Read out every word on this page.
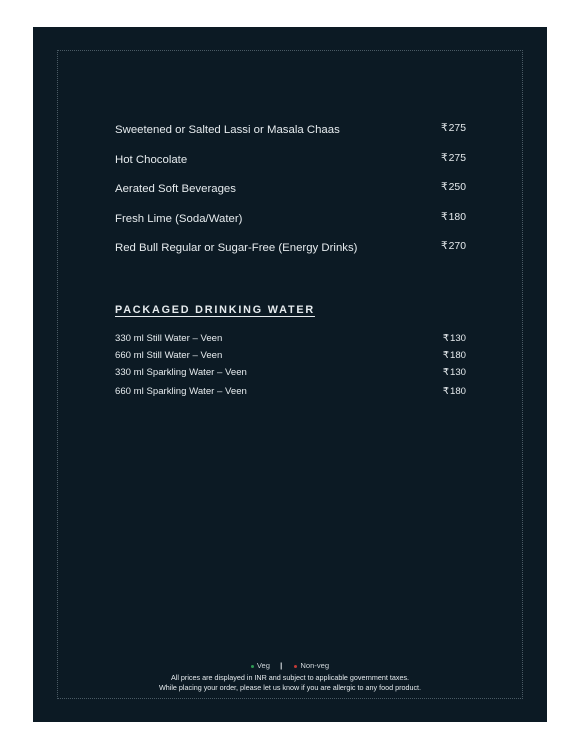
Sweetened or Salted Lassi or Masala Chaas	₹275
Hot Chocolate	₹275
Aerated Soft Beverages	₹250
Fresh Lime (Soda/Water)	₹180
Red Bull Regular or Sugar-Free (Energy Drinks)	₹270
PACKAGED DRINKING WATER
330 ml Still Water – Veen	₹130
660 ml Still Water – Veen	₹180
330 ml Sparkling Water – Veen	₹130
660 ml Sparkling Water – Veen	₹180
Veg | Non-veg
All prices are displayed in INR and subject to applicable government taxes.
While placing your order, please let us know if you are allergic to any food product.
